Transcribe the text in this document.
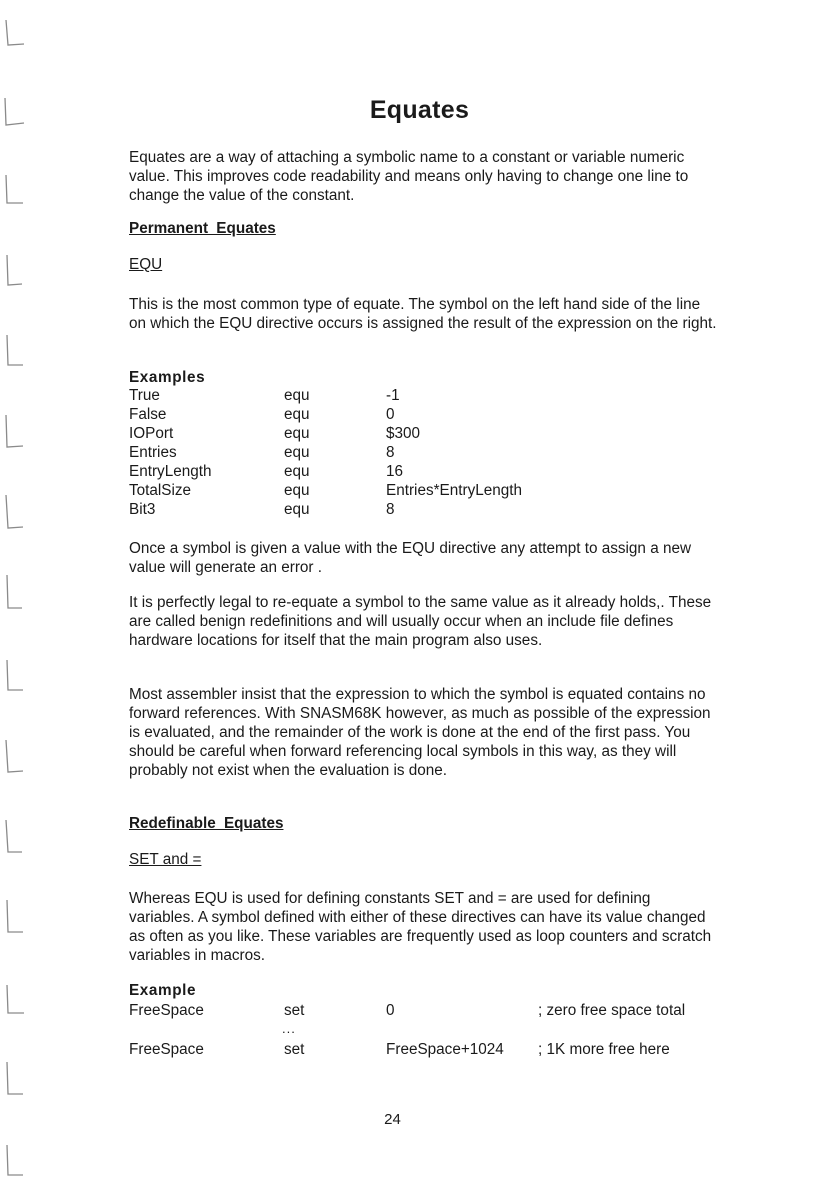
Equates

Equates are a way of attaching a symbolic name to a constant or variable numeric value. This improves code readability and means only having to change one line to change the value of the constant.

Permanent Equates

EQU

This is the most common type of equate. The symbol on the left hand side of the line on which the EQU directive occurs is assigned the result of the expression on the right.

Examples
True	equ	-1
False	equ	0
IOPort	equ	$300
Entries	equ	8
EntryLength	equ	16
TotalSize	equ	Entries*EntryLength
Bit3	equ	8

Once a symbol is given a value with the EQU directive any attempt to assign a new value will generate an error .

It is perfectly legal to re-equate a symbol to the same value as it already holds,. These are called benign redefinitions and will usually occur when an include file defines hardware locations for itself that the main program also uses.

Most assembler insist that the expression to which the symbol is equated contains no forward references. With SNASM68K however, as much as possible of the expression is evaluated, and the remainder of the work is done at the end of the first pass. You should be careful when forward referencing local symbols in this way, as they will probably not exist when the evaluation is done.

Redefinable Equates

SET and =

Whereas EQU is used for defining constants SET and = are used for defining variables. A symbol defined with either of these directives can have its value changed as often as you like. These variables are frequently used as loop counters and scratch variables in macros.

Example
FreeSpace	set	0	; zero free space total
...
FreeSpace	set	FreeSpace+1024 ; 1K more free here
24
